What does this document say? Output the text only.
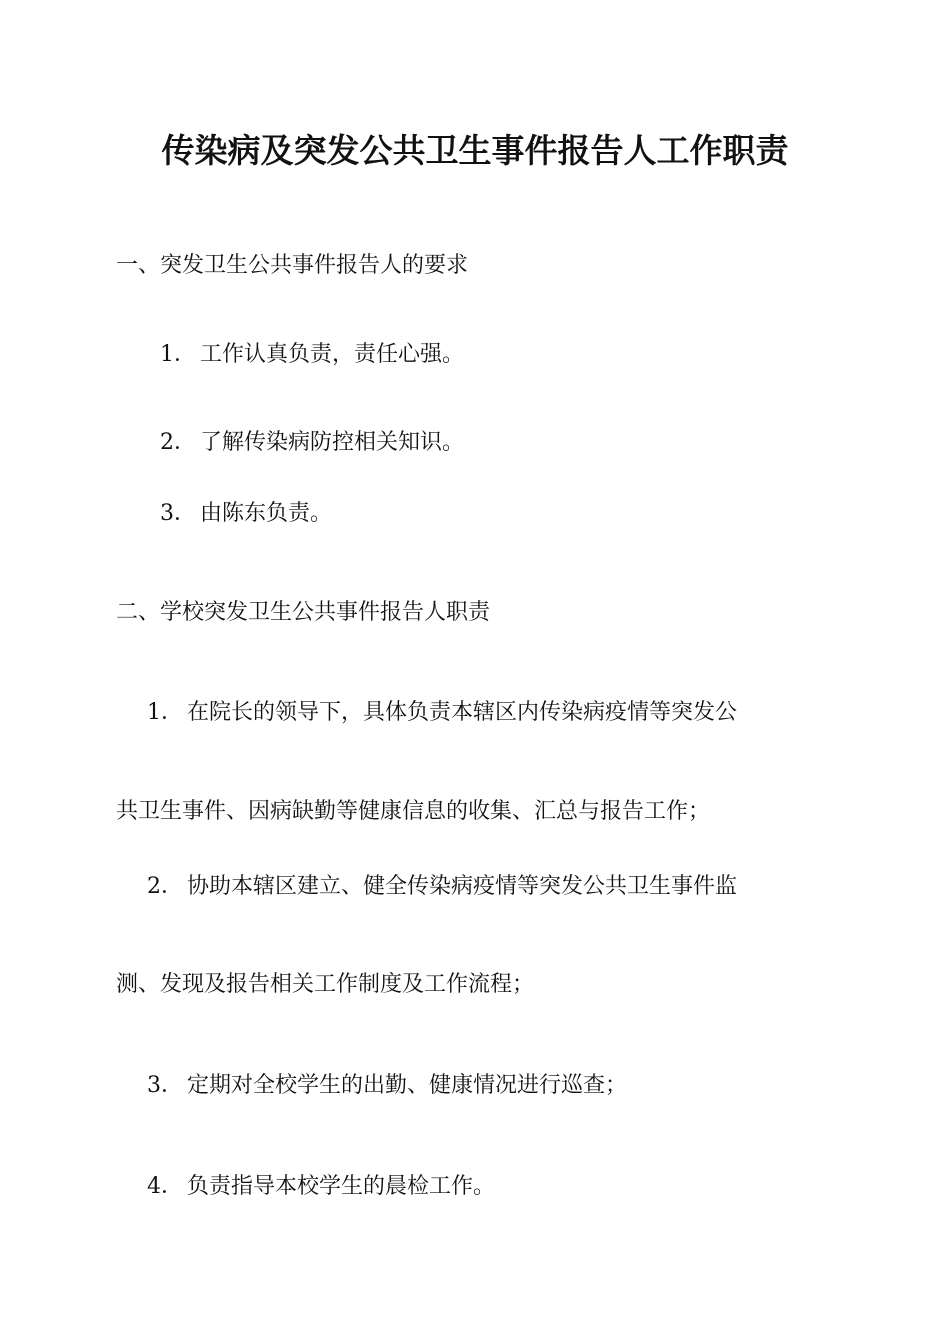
传染病及突发公共卫生事件报告人工作职责
一、突发卫生公共事件报告人的要求
1． 工作认真负责，责任心强。
2． 了解传染病防控相关知识。
3． 由陈东负责。
二、学校突发卫生公共事件报告人职责
1． 在院长的领导下，具体负责本辖区内传染病疫情等突发公
共卫生事件、因病缺勤等健康信息的收集、汇总与报告工作；
2． 协助本辖区建立、健全传染病疫情等突发公共卫生事件监
测、发现及报告相关工作制度及工作流程；
3． 定期对全校学生的出勤、健康情况进行巡查；
4． 负责指导本校学生的晨检工作。
